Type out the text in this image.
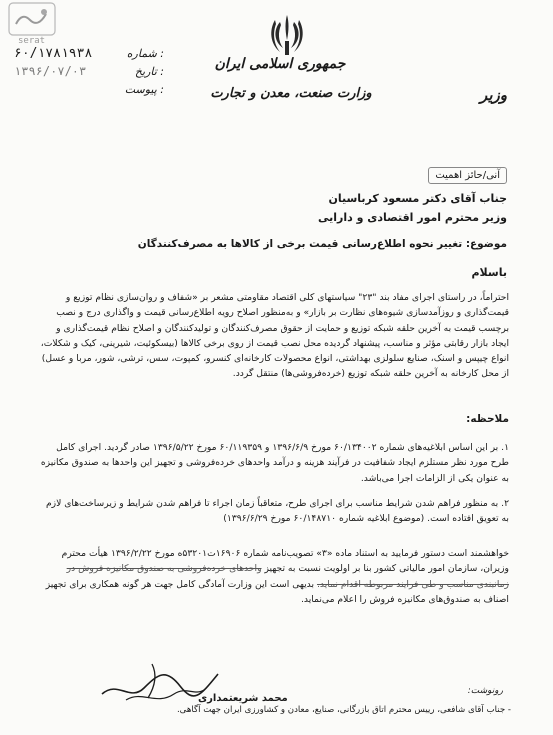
serat
۶۰/۱۷۸۱۹۳۸	شماره :
۱۳۹۶/۰۷/۰۳	تاریخ :
پیوست :
جمهوری اسلامی ایران
وزارت صنعت، معدن و تجارت	وزیر
آنی/حائز اهمیت
جناب آقای دکتر مسعود کرباسیان
وزیر محترم امور اقتصادی و دارایی
موضوع: تغییر نحوه اطلاع‌رسانی قیمت برخی از کالاها به مصرف‌کنندگان
باسلام
احتراماً، در راستای اجرای مفاد بند "۲۳" سیاستهای کلی اقتصاد مقاومتی مشعر بر «شفاف و روان‌سازی نظام توزیع و قیمت‌گذاری و روزآمدسازی شیوه‌های نظارت بر بازار» و به‌منظور اصلاح رویه اطلاع‌رسانی قیمت و واگذاری درج و نصب برچسب قیمت به آخرین حلقه شبکه توزیع و حمایت از حقوق مصرف‌کنندگان و تولیدکنندگان و اصلاح نظام قیمت‌گذاری و ایجاد بازار رقابتی مؤثر و مناسب، پیشنهاد گردیده محل نصب قیمت از روی برخی کالاها (بیسکوئیت، شیرینی، کیک و شکلات، انواع چیپس و اسنک، صنایع سلولزی بهداشتی، انواع محصولات کارخانه‌ای کنسرو، کمپوت، سس، ترشی، شور، مربا و عسل) از محل کارخانه به آخرین حلقه شبکه توزیع (خرده‌فروشی‌ها) منتقل گردد.
ملاحظه:
۱. بر این اساس ابلاغیه‌های شماره ۶۰/۱۳۴۰۰۲ مورخ ۱۳۹۶/۶/۹ و ۶۰/۱۱۹۳۵۹ مورخ ۱۳۹۶/۵/۲۲ صادر گردید. اجرای کامل طرح مورد نظر مستلزم ایجاد شفافیت در فرآیند هزینه و درآمد واحدهای خرده‌فروشی و تجهیز این واحدها به صندوق مکانیزه به عنوان یکی از الزامات اجرا می‌باشد.
۲. به منظور فراهم شدن شرایط مناسب برای اجرای طرح، متعاقباً زمان اجراء تا فراهم شدن شرایط و زیرساخت‌های لازم به تعویق افتاده است. (موضوع ابلاغیه شماره ۶۰/۱۴۸۷۱۰ مورخ ۱۳۹۶/۶/۲۹)
خواهشمند است دستور فرمایید به استناد ماده «۳» تصویب‌نامه شماره ۱۶۹۰۶ت۵۳۲۰۱ه مورخ ۱۳۹۶/۲/۲۲ هیأت محترم وزیران، سازمان امور مالیاتی کشور بنا بر اولویت نسبت به تجهیز واحدهای خرده‌فروشی به صندوق مکانیزه فروش در زمانبندی مناسب و طی فرایند مربوطه اقدام نماید. بدیهی است این وزارت آمادگی کامل جهت هر گونه همکاری برای تجهیز اصناف به صندوق‌های مکانیزه فروش را اعلام می‌نماید.
محمد شریعتمداری
رونوشت:
- جناب آقای شافعی، رییس محترم اتاق بازرگانی، صنایع، معادن و کشاورزی ایران جهت آگاهی.
